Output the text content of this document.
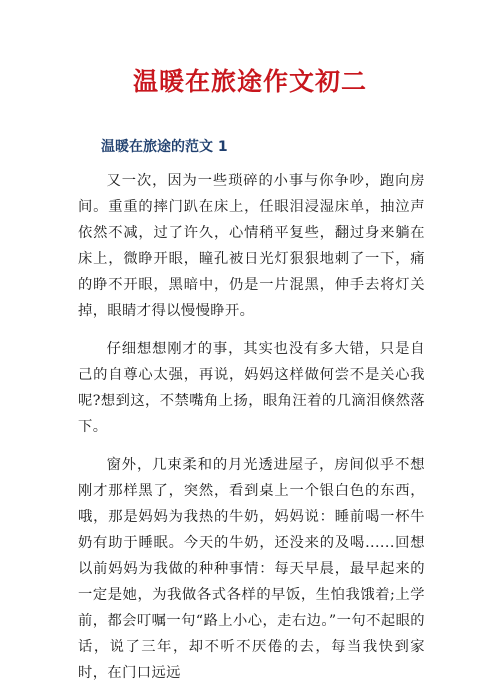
温暖在旅途作文初二
温暖在旅途的范文 1

又一次，因为一些琐碎的小事与你争吵，跑向房间。重重的摔门趴在床上，任眼泪浸湿床单，抽泣声依然不减，过了许久，心情稍平复些，翻过身来躺在床上，微睁开眼，瞳孔被日光灯狠狠地刺了一下，痛的睁不开眼，黑暗中，仍是一片混黑，伸手去将灯关掉，眼睛才得以慢慢睁开。

仔细想想刚才的事，其实也没有多大错，只是自己的自尊心太强，再说，妈妈这样做何尝不是关心我呢?想到这，不禁嘴角上扬，眼角汪着的几滴泪倏然落下。

窗外，几束柔和的月光透进屋子，房间似乎不想刚才那样黑了，突然，看到桌上一个银白色的东西，哦，那是妈妈为我热的牛奶，妈妈说：睡前喝一杯牛奶有助于睡眠。今天的牛奶，还没来的及喝......回想以前妈妈为我做的种种事情：每天早晨，最早起来的一定是她，为我做各式各样的早饭，生怕我饿着;上学前，都会叮嘱一句“路上小心，走右边。”一句不起眼的话，说了三年，却不听不厌倦的去，每当我快到家时，在门口远远
